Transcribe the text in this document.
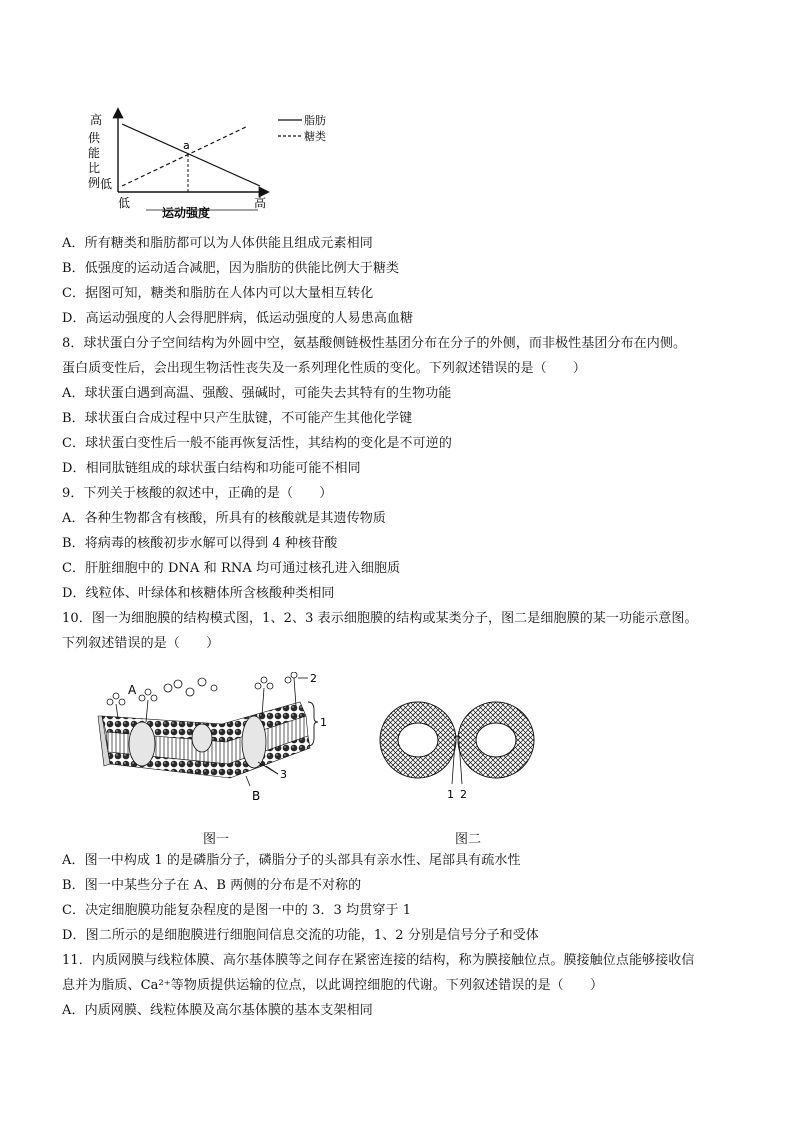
高
供 能 比 例 低
低	高
运动强度
a
脂肪
糖类
A．所有糖类和脂肪都可以为人体供能且组成元素相同
B．低强度的运动适合减肥，因为脂肪的供能比例大于糖类
C．据图可知，糖类和脂肪在人体内可以大量相互转化
D．高运动强度的人会得肥胖病，低运动强度的人易患高血糖
8．球状蛋白分子空间结构为外圆中空，氨基酸侧链极性基团分布在分子的外侧，而非极性基团分布在内侧。
蛋白质变性后，会出现生物活性丧失及一系列理化性质的变化。下列叙述错误的是（　　）
A．球状蛋白遇到高温、强酸、强碱时，可能失去其特有的生物功能
B．球状蛋白合成过程中只产生肽键，不可能产生其他化学键
C．球状蛋白变性后一般不能再恢复活性，其结构的变化是不可逆的
D．相同肽链组成的球状蛋白结构和功能可能不相同
9．下列关于核酸的叙述中，正确的是（　　）
A．各种生物都含有核酸，所具有的核酸就是其遗传物质
B．将病毒的核酸初步水解可以得到 4 种核苷酸
C．肝脏细胞中的 DNA 和 RNA 均可通过核孔进入细胞质
D．线粒体、叶绿体和核糖体所含核酸种类相同
10．图一为细胞膜的结构模式图，1、2、3 表示细胞膜的结构或某类分子，图二是细胞膜的某一功能示意图。
下列叙述错误的是（　　）
1
2
3
A
B	1 2
图一	图二
A．图一中构成 1 的是磷脂分子，磷脂分子的头部具有亲水性、尾部具有疏水性
B．图一中某些分子在 A、B 两侧的分布是不对称的
C．决定细胞膜功能复杂程度的是图一中的 3．3 均贯穿于 1
D．图二所示的是细胞膜进行细胞间信息交流的功能，1、2 分别是信号分子和受体
11．内质网膜与线粒体膜、高尔基体膜等之间存在紧密连接的结构，称为膜接触位点。膜接触位点能够接收信
息并为脂质、Ca²⁺等物质提供运输的位点，以此调控细胞的代谢。下列叙述错误的是（　　）
A．内质网膜、线粒体膜及高尔基体膜的基本支架相同
